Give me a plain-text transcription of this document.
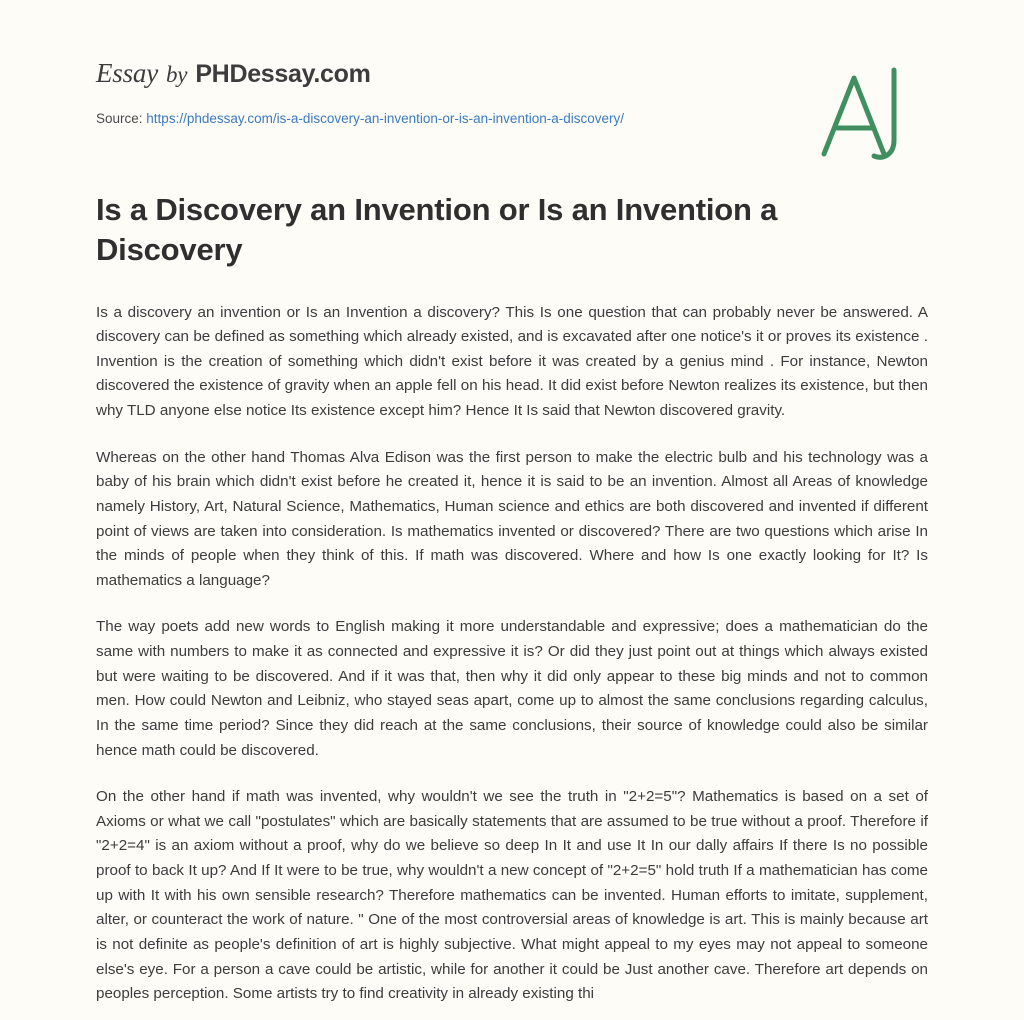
Essay by PHDessay.com
Source: https://phdessay.com/is-a-discovery-an-invention-or-is-an-invention-a-discovery/
Is a Discovery an Invention or Is an Invention a Discovery

Is a discovery an invention or Is an Invention a discovery? This Is one question that can probably never be answered. A discovery can be defined as something which already existed, and is excavated after one notice's it or proves its existence . Invention is the creation of something which didn't exist before it was created by a genius mind . For instance, Newton discovered the existence of gravity when an apple fell on his head. It did exist before Newton realizes its existence, but then why TLD anyone else notice Its existence except him? Hence It Is said that Newton discovered gravity.

Whereas on the other hand Thomas Alva Edison was the first person to make the electric bulb and his technology was a baby of his brain which didn't exist before he created it, hence it is said to be an invention. Almost all Areas of knowledge namely History, Art, Natural Science, Mathematics, Human science and ethics are both discovered and invented if different point of views are taken into consideration. Is mathematics invented or discovered? There are two questions which arise In the minds of people when they think of this. If math was discovered. Where and how Is one exactly looking for It? Is mathematics a language?

The way poets add new words to English making it more understandable and expressive; does a mathematician do the same with numbers to make it as connected and expressive it is? Or did they just point out at things which always existed but were waiting to be discovered. And if it was that, then why it did only appear to these big minds and not to common men. How could Newton and Leibniz, who stayed seas apart, come up to almost the same conclusions regarding calculus, In the same time period? Since they did reach at the same conclusions, their source of knowledge could also be similar hence math could be discovered.

On the other hand if math was invented, why wouldn't we see the truth in "2+2=5"? Mathematics is based on a set of Axioms or what we call "postulates" which are basically statements that are assumed to be true without a proof. Therefore if "2+2=4" is an axiom without a proof, why do we believe so deep In It and use It In our dally affairs If there Is no possible proof to back It up? And If It were to be true, why wouldn't a new concept of "2+2=5" hold truth If a mathematician has come up with It with his own sensible research? Therefore mathematics can be invented. Human efforts to imitate, supplement, alter, or counteract the work of nature. " One of the most controversial areas of knowledge is art. This is mainly because art is not definite as people's definition of art is highly subjective. What might appeal to my eyes may not appeal to someone else's eye. For a person a cave could be artistic, while for another it could be Just another cave. Therefore art depends on peoples perception. Some artists try to find creativity in already existing thi
